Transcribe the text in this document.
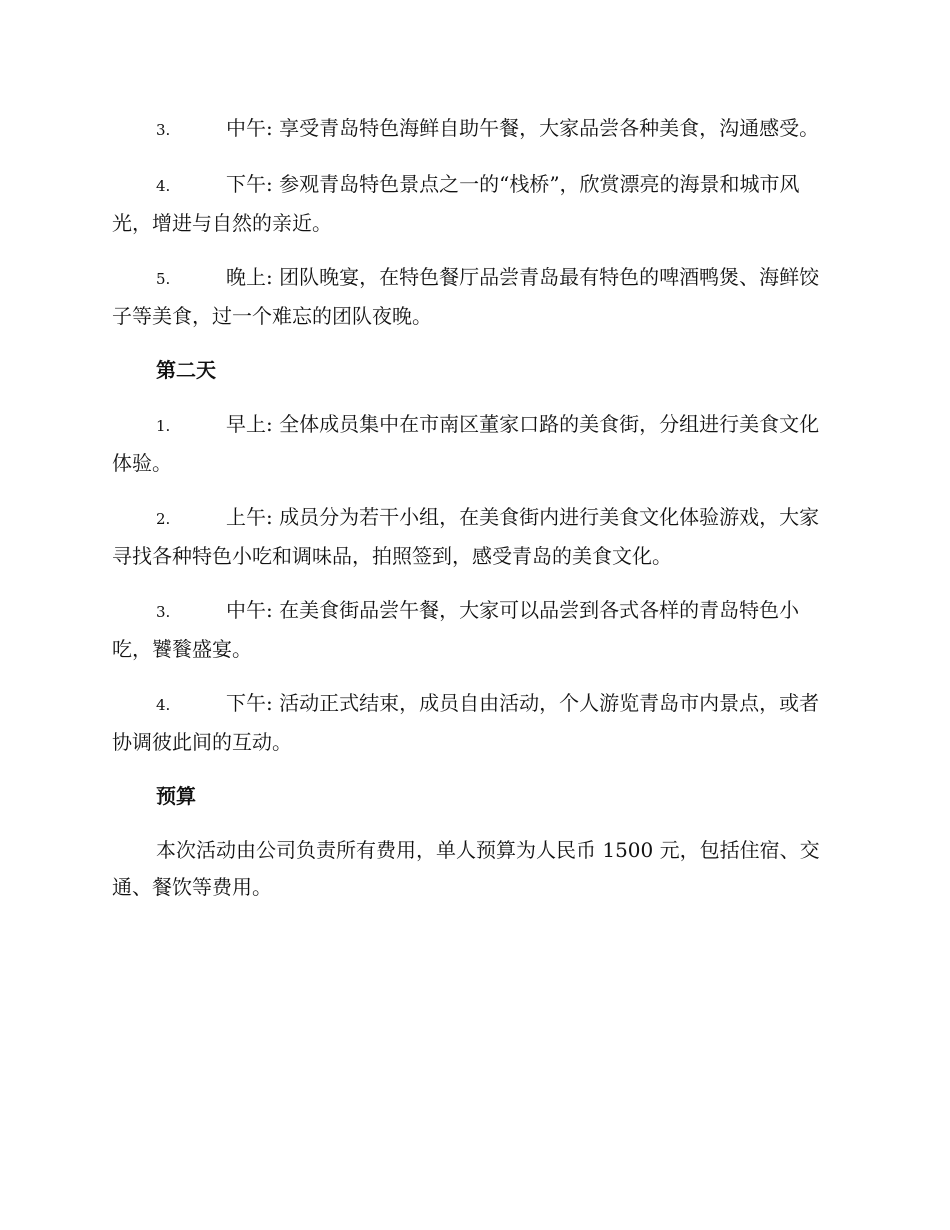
3.	中午: 享受青岛特色海鲜自助午餐，大家品尝各种美食，沟通感受。

4.	下午: 参观青岛特色景点之一的“栈桥”，欣赏漂亮的海景和城市风光，增进与自然的亲近。

5.	晚上: 团队晚宴，在特色餐厅品尝青岛最有特色的啤酒鸭煲、海鲜饺子等美食，过一个难忘的团队夜晚。

第二天

1.	早上: 全体成员集中在市南区董家口路的美食街，分组进行美食文化体验。

2.	上午: 成员分为若干小组，在美食街内进行美食文化体验游戏，大家寻找各种特色小吃和调味品，拍照签到，感受青岛的美食文化。

3.	中午: 在美食街品尝午餐，大家可以品尝到各式各样的青岛特色小吃，饕餮盛宴。

4.	下午: 活动正式结束，成员自由活动，个人游览青岛市内景点，或者协调彼此间的互动。

预算

本次活动由公司负责所有费用，单人预算为人民币 1500 元，包括住宿、交通、餐饮等费用。
